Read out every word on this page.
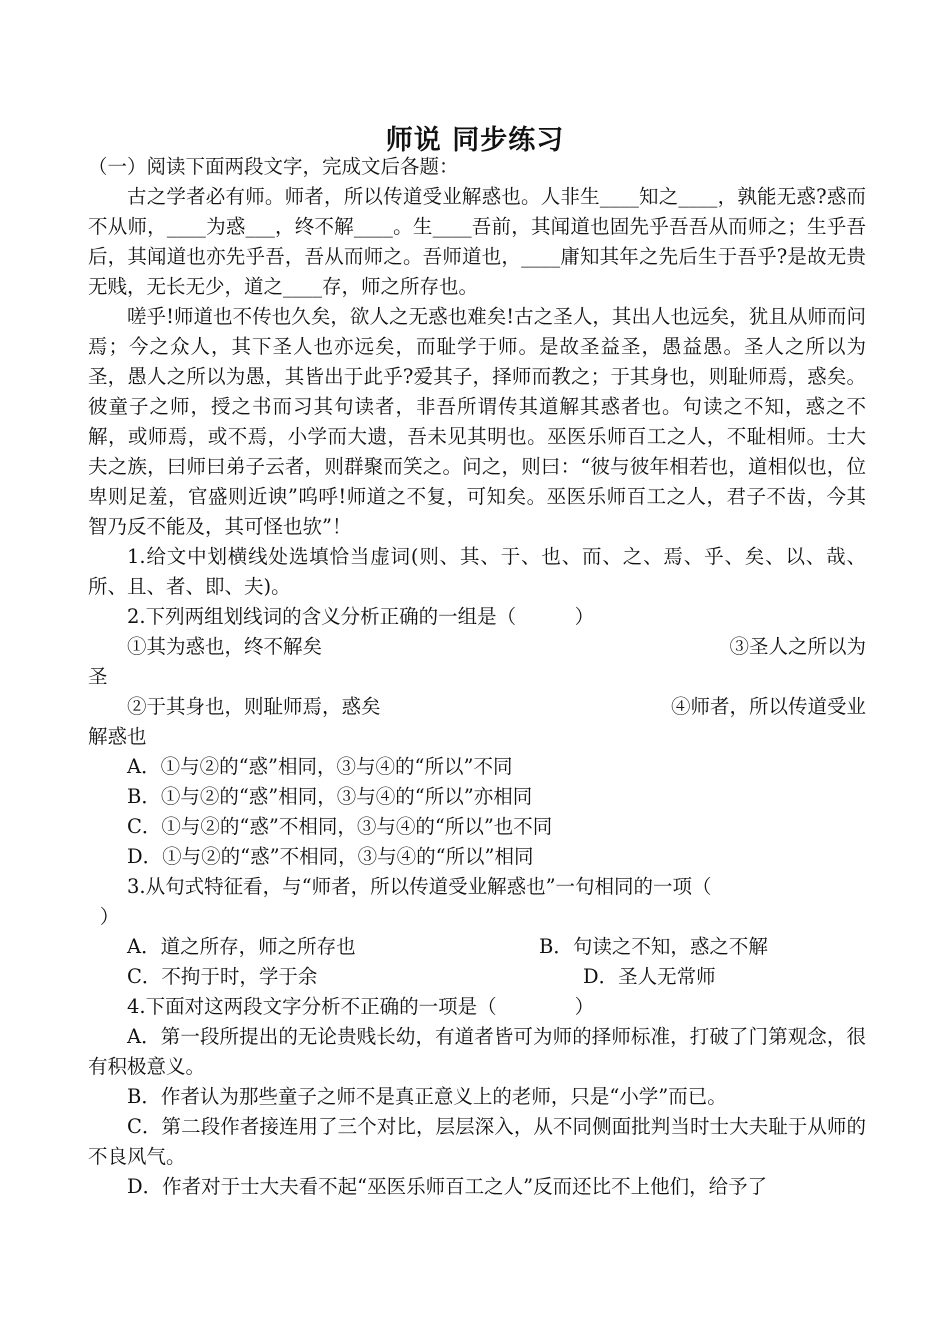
师说 同步练习

（一）阅读下面两段文字，完成文后各题：

古之学者必有师。师者，所以传道受业解惑也。人非生____知之____，孰能无惑?惑而不从师，____为惑___，终不解____。生____吾前，其闻道也固先乎吾吾从而师之；生乎吾后，其闻道也亦先乎吾，吾从而师之。吾师道也，____庸知其年之先后生于吾乎?是故无贵无贱，无长无少，道之____存，师之所存也。

嗟乎!师道也不传也久矣，欲人之无惑也难矣!古之圣人，其出人也远矣，犹且从师而问焉；今之众人，其下圣人也亦远矣，而耻学于师。是故圣益圣，愚益愚。圣人之所以为圣，愚人之所以为愚，其皆出于此乎?爱其子，择师而教之；于其身也，则耻师焉，惑矣。彼童子之师，授之书而习其句读者，非吾所谓传其道解其惑者也。句读之不知，惑之不解，或师焉，或不焉，小学而大遗，吾未见其明也。巫医乐师百工之人，不耻相师。士大夫之族，曰师曰弟子云者，则群聚而笑之。问之，则曰：“彼与彼年相若也，道相似也，位卑则足羞，官盛则近谀”呜呼!师道之不复，可知矣。巫医乐师百工之人，君子不齿，今其智乃反不能及，其可怪也欤”！

1.给文中划横线处选填恰当虚词(则、其、于、也、而、之、焉、乎、矣、以、哉、所、且、者、即、夫)。

2.下列两组划线词的含义分析正确的一组是（　　　）

①其为惑也，终不解矣	③圣人之所以为
圣
②于其身也，则耻师焉，惑矣	④师者，所以传道受业
解惑也
A．①与②的“惑”相同，③与④的“所以”不同
B．①与②的“惑”相同，③与④的“所以”亦相同
C．①与②的“惑”不相同，③与④的“所以”也不同
D．①与②的“惑”不相同，③与④的“所以”相同
3.从句式特征看，与“师者，所以传道受业解惑也”一句相同的一项（
）
A．道之所存，师之所存也	B．句读之不知，惑之不解
C．不拘于时，学于余	D．圣人无常师

4.下面对这两段文字分析不正确的一项是（　　　　）

A．第一段所提出的无论贵贱长幼，有道者皆可为师的择师标准，打破了门第观念，很有积极意义。

B．作者认为那些童子之师不是真正意义上的老师，只是“小学”而已。

C．第二段作者接连用了三个对比，层层深入，从不同侧面批判当时士大夫耻于从师的不良风气。

D．作者对于士大夫看不起“巫医乐师百工之人”反而还比不上他们，给予了
